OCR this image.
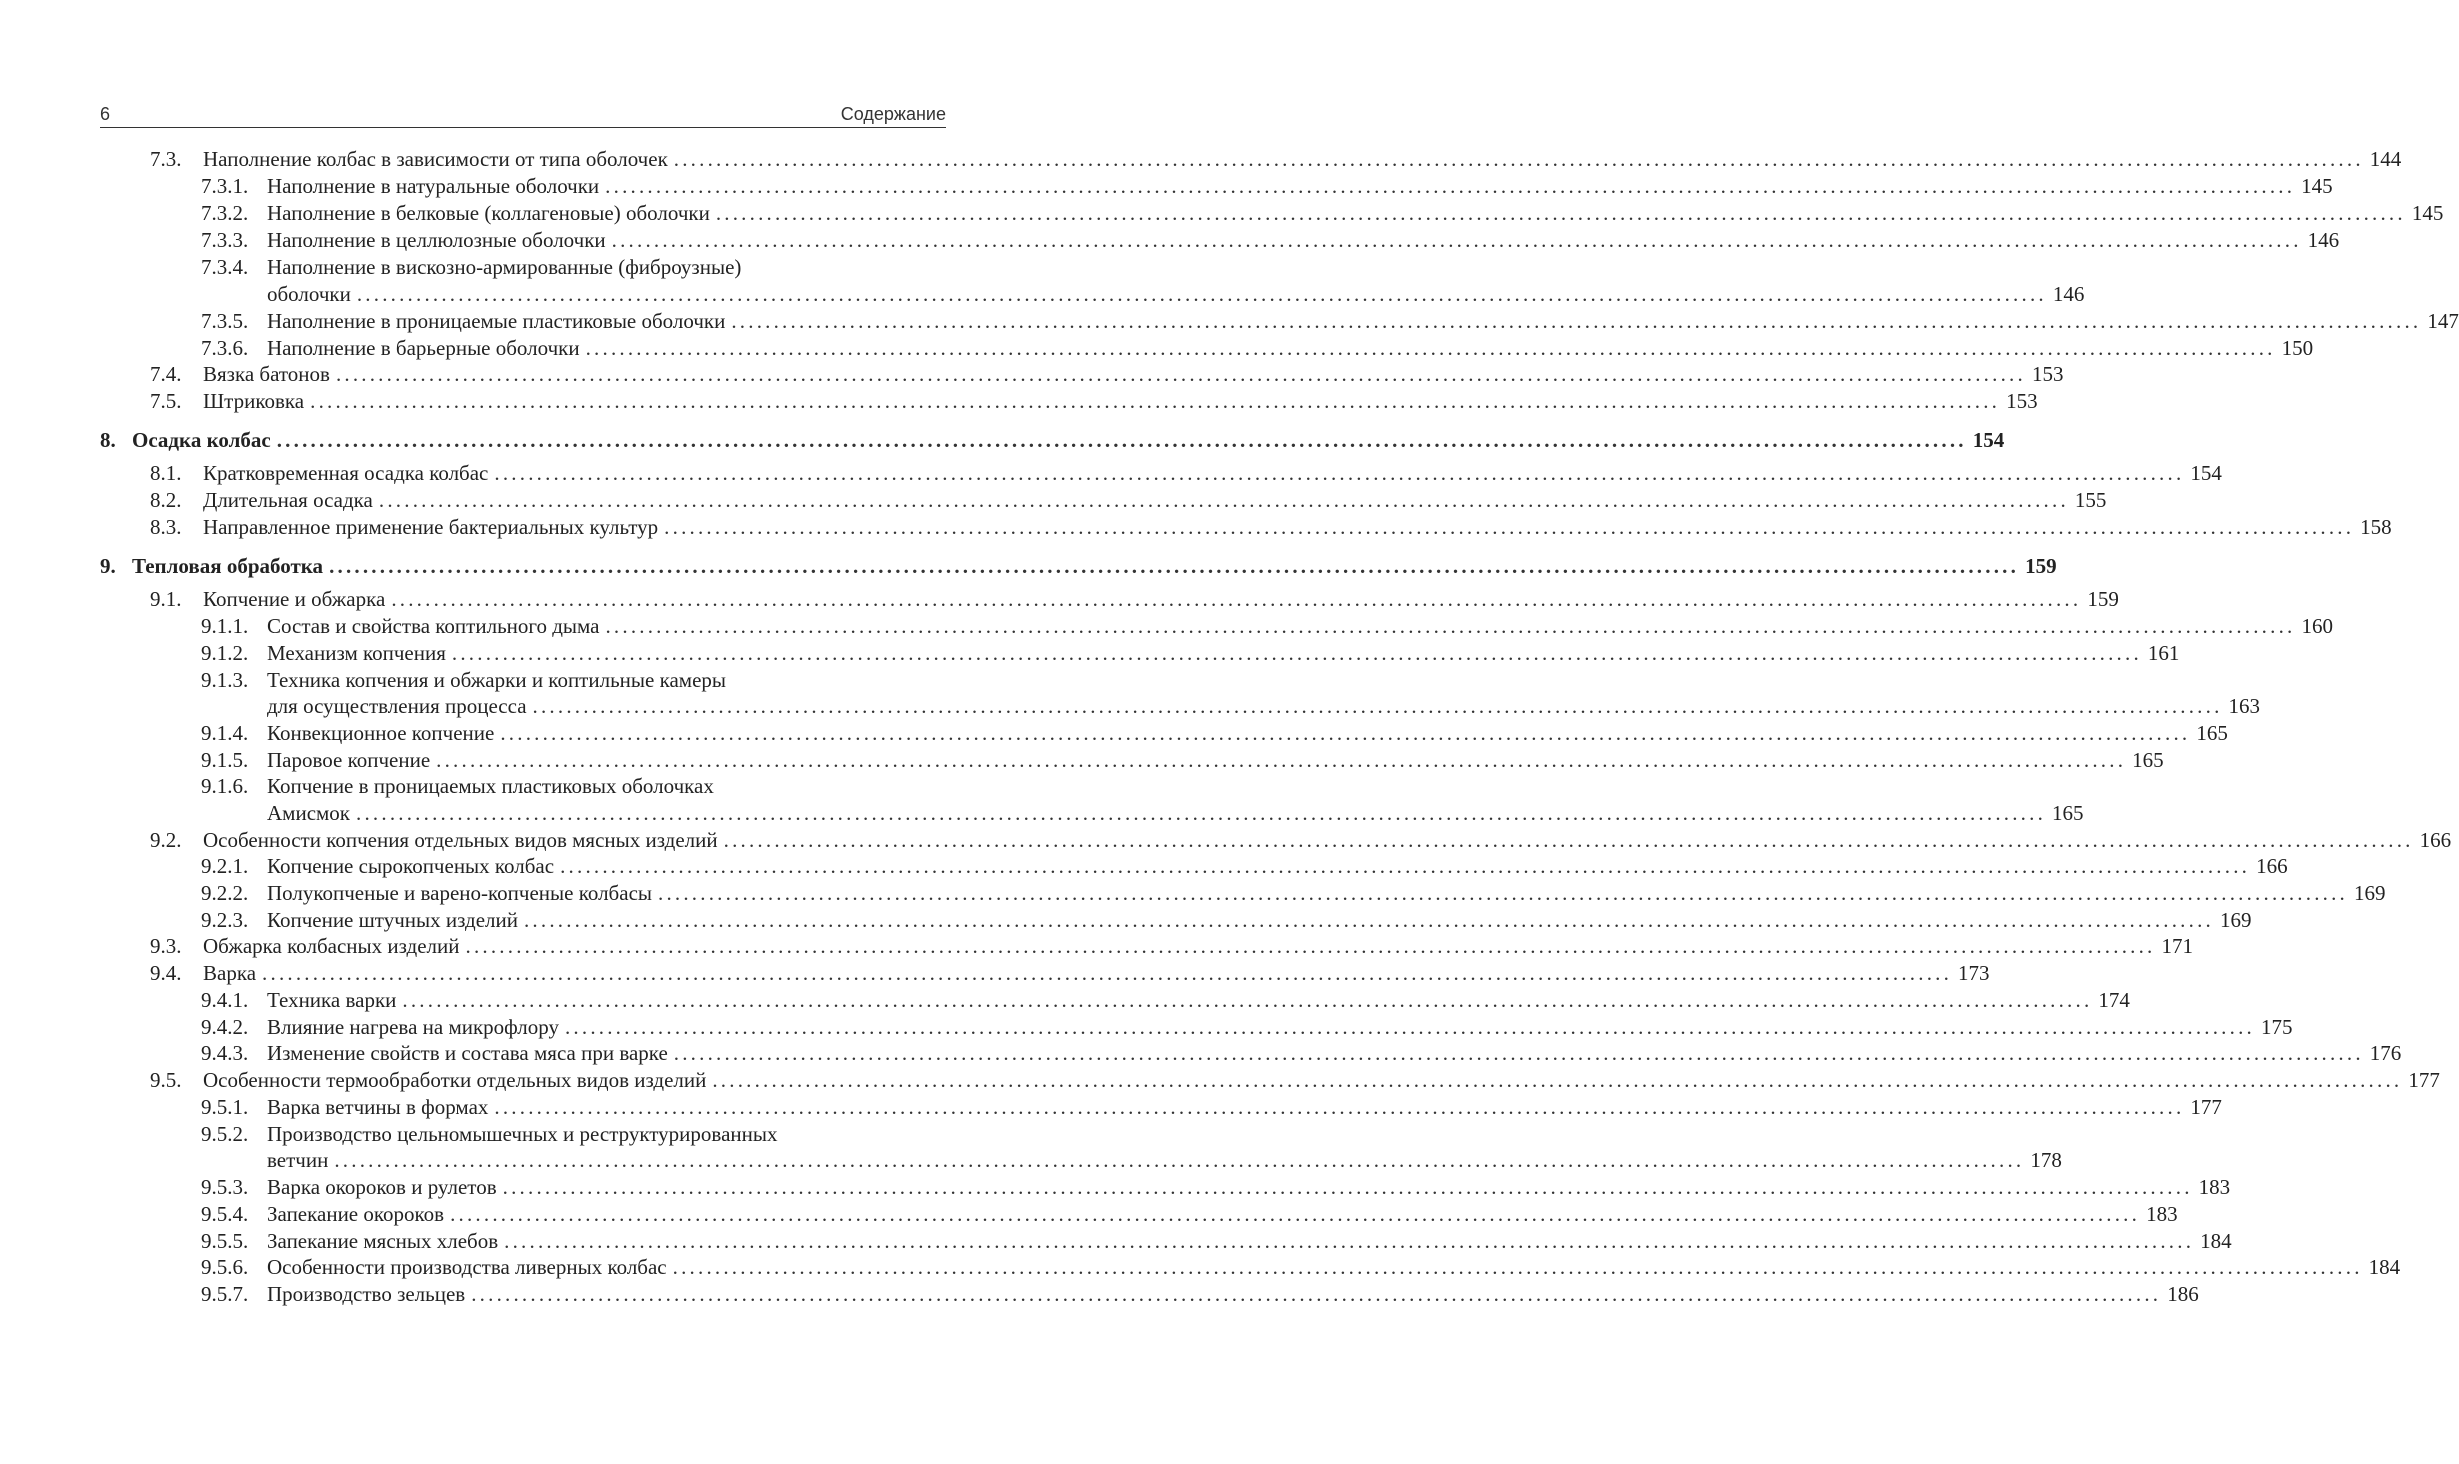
6	Содержание
7.3. Наполнение колбас в зависимости от типа оболочек ........................................................................................................................................................................................................ 144
7.3.1. Наполнение в натуральные оболочки ........................................................................................................................................................................................................ 145
7.3.2. Наполнение в белковые (коллагеновые) оболочки ........................................................................................................................................................................................................ 145
7.3.3. Наполнение в целлюлозные оболочки ........................................................................................................................................................................................................ 146
7.3.4. Наполнение в вискозно-армированные (фиброузные)
оболочки ........................................................................................................................................................................................................ 146
7.3.5. Наполнение в проницаемые пластиковые оболочки ........................................................................................................................................................................................................ 147
7.3.6. Наполнение в барьерные оболочки ........................................................................................................................................................................................................ 150
7.4. Вязка батонов ........................................................................................................................................................................................................ 153
7.5. Штриковка ........................................................................................................................................................................................................ 153
8. Осадка колбас ........................................................................................................................................................................................................ 154
8.1. Кратковременная осадка колбас ........................................................................................................................................................................................................ 154
8.2. Длительная осадка ........................................................................................................................................................................................................ 155
8.3. Направленное применение бактериальных культур ........................................................................................................................................................................................................ 158
9. Тепловая обработка ........................................................................................................................................................................................................ 159
9.1. Копчение и обжарка ........................................................................................................................................................................................................ 159
9.1.1. Состав и свойства коптильного дыма ........................................................................................................................................................................................................ 160
9.1.2. Механизм копчения ........................................................................................................................................................................................................ 161
9.1.3. Техника копчения и обжарки и коптильные камеры
для осуществления процесса ........................................................................................................................................................................................................ 163
9.1.4. Конвекционное копчение ........................................................................................................................................................................................................ 165
9.1.5. Паровое копчение ........................................................................................................................................................................................................ 165
9.1.6. Копчение в проницаемых пластиковых оболочках
Амисмок ........................................................................................................................................................................................................ 165
9.2. Особенности копчения отдельных видов мясных изделий ........................................................................................................................................................................................................ 166
9.2.1. Копчение сырокопченых колбас ........................................................................................................................................................................................................ 166
9.2.2. Полукопченые и варено-копченые колбасы ........................................................................................................................................................................................................ 169
9.2.3. Копчение штучных изделий ........................................................................................................................................................................................................ 169
9.3. Обжарка колбасных изделий ........................................................................................................................................................................................................ 171
9.4. Варка ........................................................................................................................................................................................................ 173
9.4.1. Техника варки ........................................................................................................................................................................................................ 174
9.4.2. Влияние нагрева на микрофлору ........................................................................................................................................................................................................ 175
9.4.3. Изменение свойств и состава мяса при варке ........................................................................................................................................................................................................ 176
9.5. Особенности термообработки отдельных видов изделий ........................................................................................................................................................................................................ 177
9.5.1. Варка ветчины в формах ........................................................................................................................................................................................................ 177
9.5.2. Производство цельномышечных и реструктурированных
ветчин ........................................................................................................................................................................................................ 178
9.5.3. Варка окороков и рулетов ........................................................................................................................................................................................................ 183
9.5.4. Запекание окороков ........................................................................................................................................................................................................ 183
9.5.5. Запекание мясных хлебов ........................................................................................................................................................................................................ 184
9.5.6. Особенности производства ливерных колбас ........................................................................................................................................................................................................ 184
9.5.7. Производство зельцев ........................................................................................................................................................................................................ 186
